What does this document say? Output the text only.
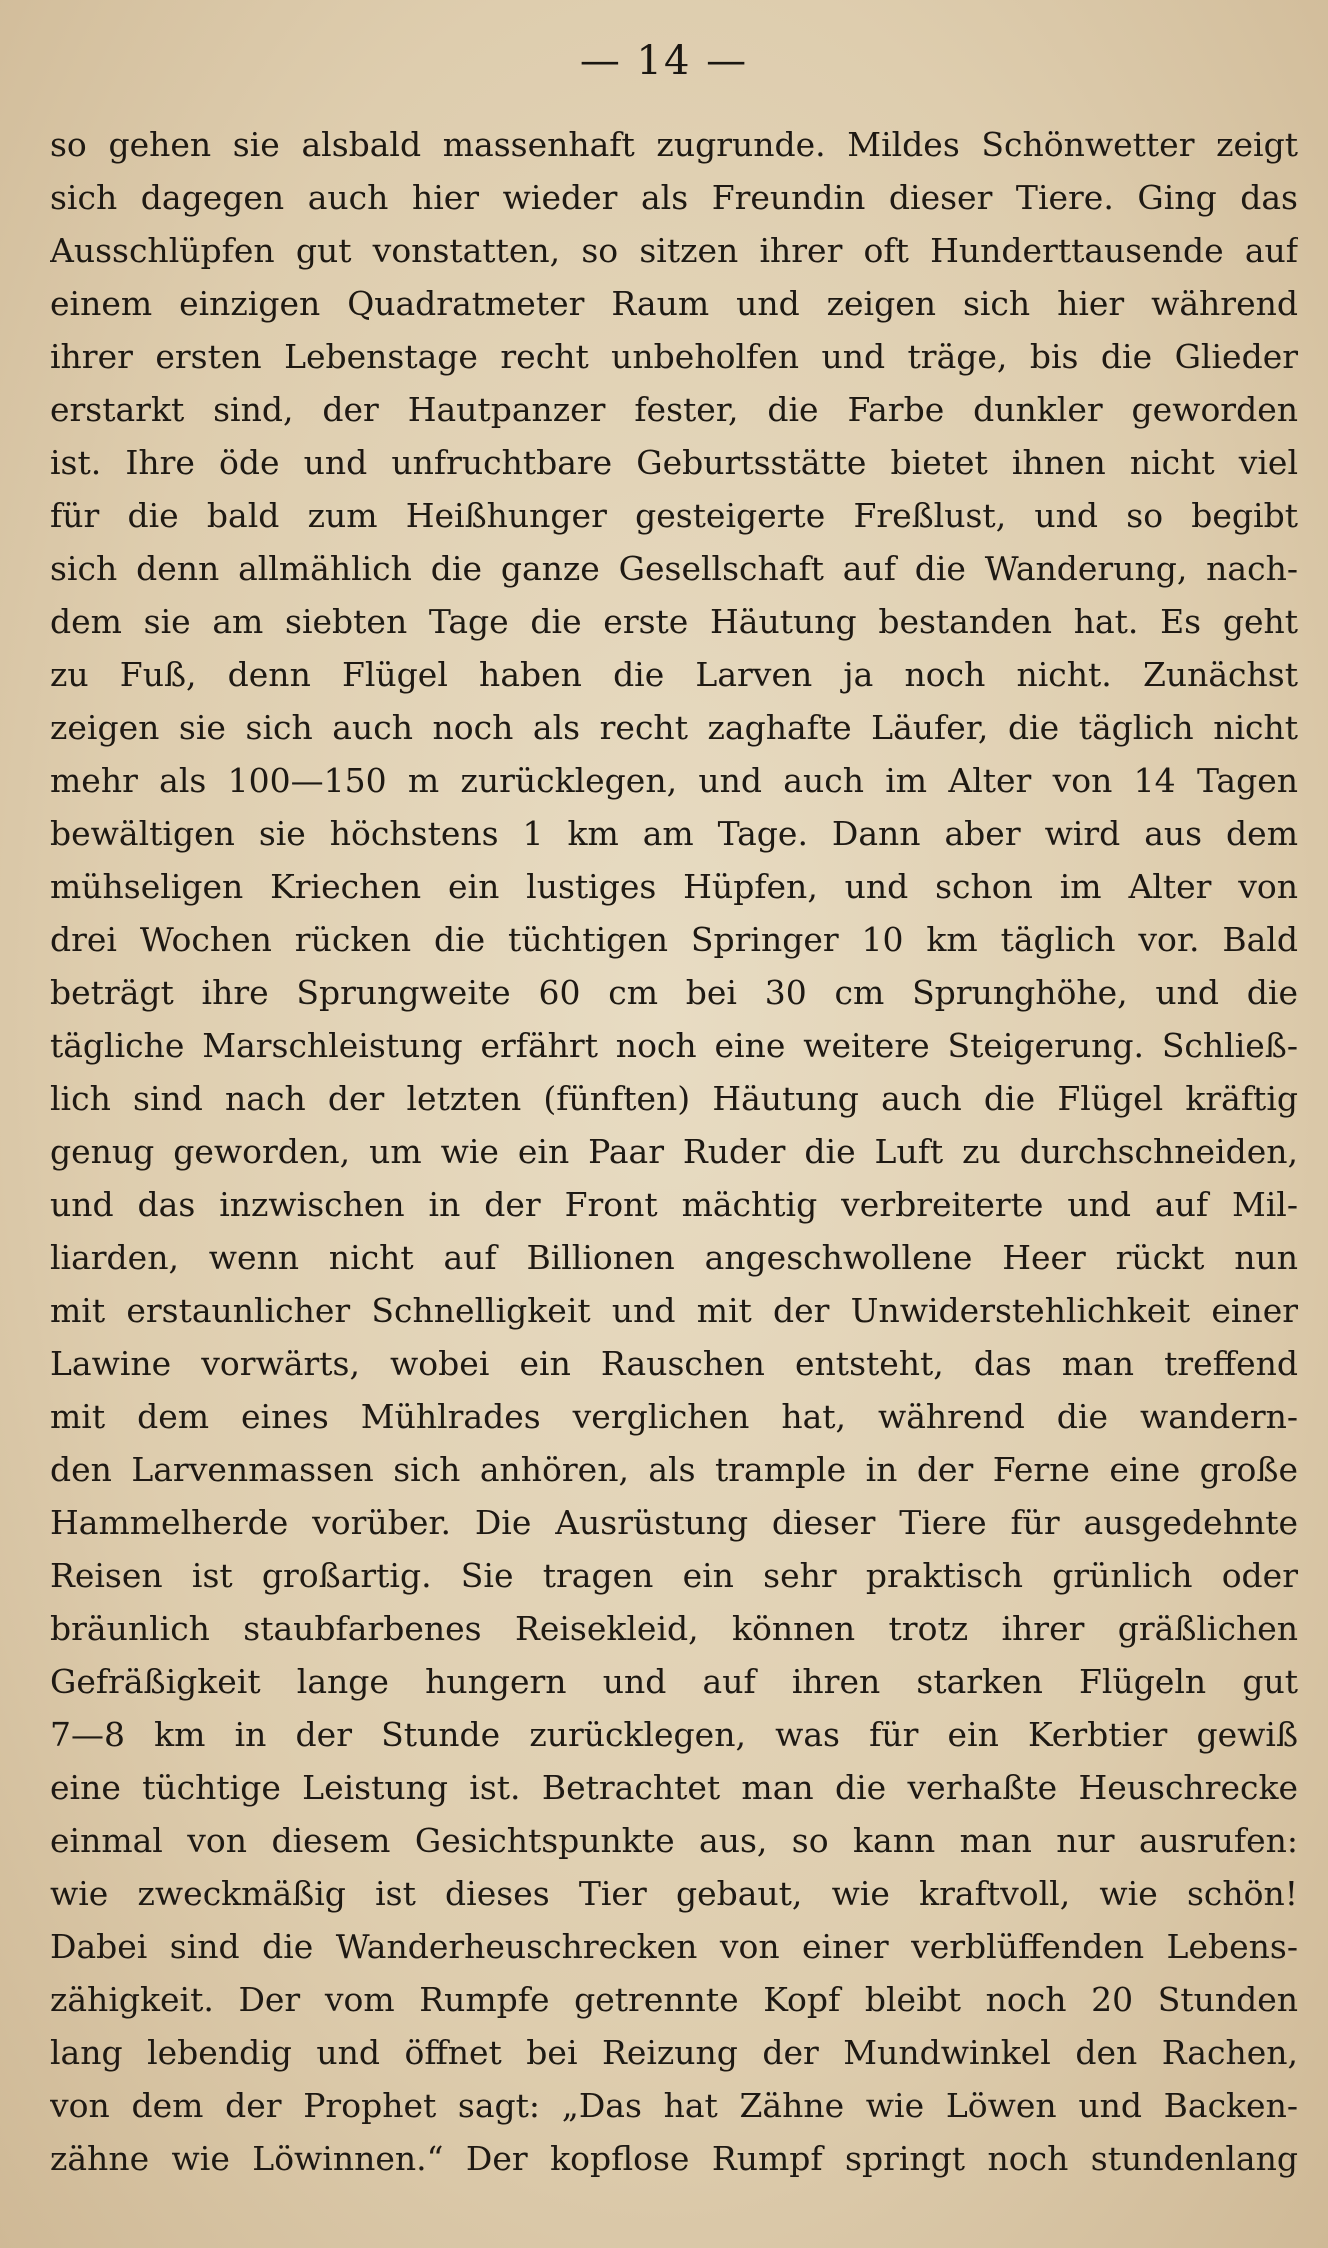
— 14 —
so gehen sie alsbald massenhaft zugrunde. Mildes Schönwetter zeigt
sich dagegen auch hier wieder als Freundin dieser Tiere. Ging das
Ausschlüpfen gut vonstatten, so sitzen ihrer oft Hunderttausende auf
einem einzigen Quadratmeter Raum und zeigen sich hier während
ihrer ersten Lebenstage recht unbeholfen und träge, bis die Glieder
erstarkt sind, der Hautpanzer fester, die Farbe dunkler geworden
ist. Ihre öde und unfruchtbare Geburtsstätte bietet ihnen nicht viel
für die bald zum Heißhunger gesteigerte Freßlust, und so begibt
sich denn allmählich die ganze Gesellschaft auf die Wanderung, nach-
dem sie am siebten Tage die erste Häutung bestanden hat. Es geht
zu Fuß, denn Flügel haben die Larven ja noch nicht. Zunächst
zeigen sie sich auch noch als recht zaghafte Läufer, die täglich nicht
mehr als 100—150 m zurücklegen, und auch im Alter von 14 Tagen
bewältigen sie höchstens 1 km am Tage. Dann aber wird aus dem
mühseligen Kriechen ein lustiges Hüpfen, und schon im Alter von
drei Wochen rücken die tüchtigen Springer 10 km täglich vor. Bald
beträgt ihre Sprungweite 60 cm bei 30 cm Sprunghöhe, und die
tägliche Marschleistung erfährt noch eine weitere Steigerung. Schließ-
lich sind nach der letzten (fünften) Häutung auch die Flügel kräftig
genug geworden, um wie ein Paar Ruder die Luft zu durchschneiden,
und das inzwischen in der Front mächtig verbreiterte und auf Mil-
liarden, wenn nicht auf Billionen angeschwollene Heer rückt nun
mit erstaunlicher Schnelligkeit und mit der Unwiderstehlichkeit einer
Lawine vorwärts, wobei ein Rauschen entsteht, das man treffend
mit dem eines Mühlrades verglichen hat, während die wandern-
den Larvenmassen sich anhören, als trample in der Ferne eine große
Hammelherde vorüber. Die Ausrüstung dieser Tiere für ausgedehnte
Reisen ist großartig. Sie tragen ein sehr praktisch grünlich oder
bräunlich staubfarbenes Reisekleid, können trotz ihrer gräßlichen
Gefräßigkeit lange hungern und auf ihren starken Flügeln gut
7—8 km in der Stunde zurücklegen, was für ein Kerbtier gewiß
eine tüchtige Leistung ist. Betrachtet man die verhaßte Heuschrecke
einmal von diesem Gesichtspunkte aus, so kann man nur ausrufen:
wie zweckmäßig ist dieses Tier gebaut, wie kraftvoll, wie schön!
Dabei sind die Wanderheuschrecken von einer verblüffenden Lebens-
zähigkeit. Der vom Rumpfe getrennte Kopf bleibt noch 20 Stunden
lang lebendig und öffnet bei Reizung der Mundwinkel den Rachen,
von dem der Prophet sagt: „Das hat Zähne wie Löwen und Backen-
zähne wie Löwinnen.“ Der kopflose Rumpf springt noch stundenlang
